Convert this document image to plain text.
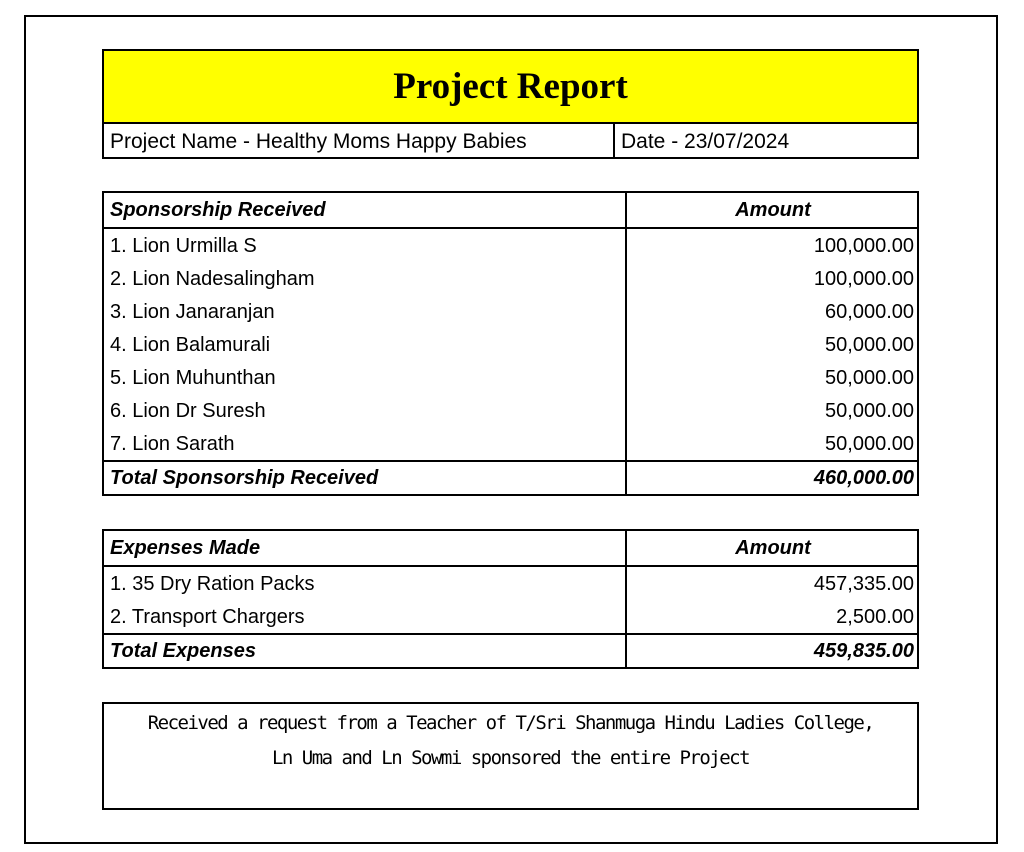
Project Report
Project Name - Healthy Moms Happy Babies	Date - 23/07/2024
Sponsorship Received	Amount
1. Lion Urmilla S	100,000.00
2. Lion Nadesalingham	100,000.00
3. Lion Janaranjan	60,000.00
4. Lion Balamurali	50,000.00
5. Lion Muhunthan	50,000.00
6. Lion Dr Suresh	50,000.00
7. Lion Sarath	50,000.00
Total Sponsorship Received	460,000.00
Expenses Made	Amount
1. 35 Dry Ration Packs	457,335.00
2. Transport Chargers	2,500.00
Total Expenses	459,835.00
Received a request from a Teacher of T/Sri Shanmuga Hindu Ladies College,
Ln Uma and Ln Sowmi sponsored the entire Project
